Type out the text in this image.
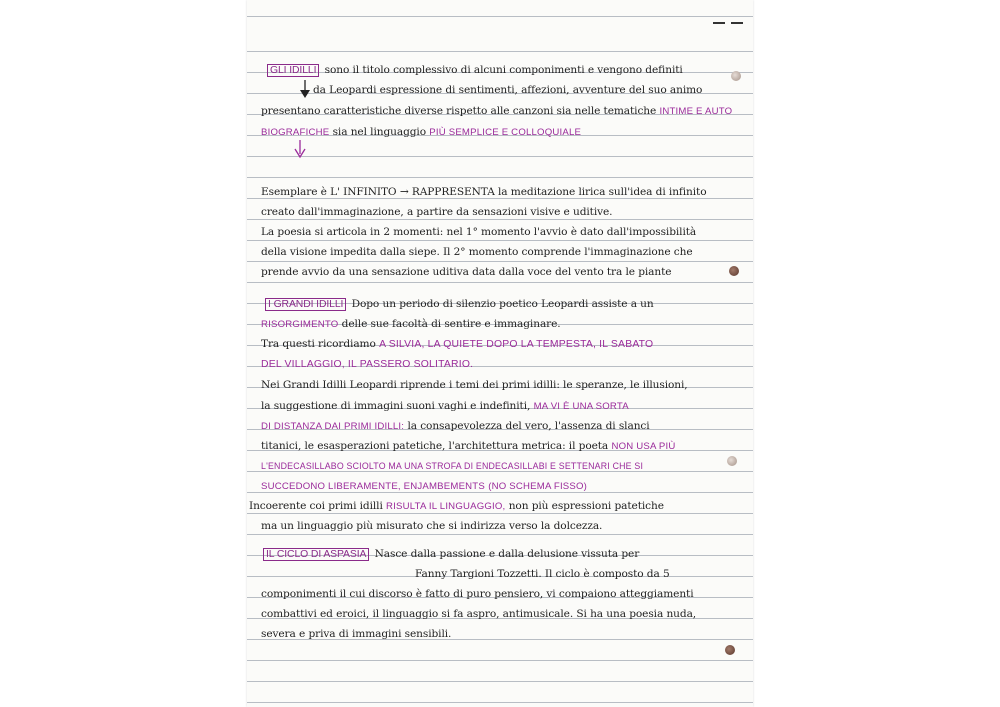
GLI IDILLI sono il titolo complessivo di alcuni componimenti e vengono definiti
da Leopardi espressione di sentimenti, affezioni, avventure del suo animo
presentano caratteristiche diverse rispetto alle canzoni sia nelle tematiche INTIME E AUTO
BIOGRAFICHE sia nel linguaggio PIÙ SEMPLICE E COLLOQUIALE
Esemplare è L' INFINITO → RAPPRESENTA la meditazione lirica sull'idea di infinito
creato dall'immaginazione, a partire da sensazioni visive e uditive.
La poesia si articola in 2 momenti: nel 1° momento l'avvio è dato dall'impossibilità
della visione impedita dalla siepe. Il 2° momento comprende l'immaginazione che
prende avvio da una sensazione uditiva data dalla voce del vento tra le piante
I GRANDI IDILLI Dopo un periodo di silenzio poetico Leopardi assiste a un
RISORGIMENTO delle sue facoltà di sentire e immaginare.
Tra questi ricordiamo A SILVIA, LA QUIETE DOPO LA TEMPESTA, IL SABATO
DEL VILLAGGIO, IL PASSERO SOLITARIO.
Nei Grandi Idilli Leopardi riprende i temi dei primi idilli: le speranze, le illusioni,
la suggestione di immagini suoni vaghi e indefiniti, MA VI È UNA SORTA
DI DISTANZA DAI PRIMI IDILLI: la consapevolezza del vero, l'assenza di slanci
titanici, le esasperazioni patetiche, l'architettura metrica: il poeta NON USA PIÙ
L'ENDECASILLABO SCIOLTO MA UNA STROFA DI ENDECASILLABI E SETTENARI CHE SI
SUCCEDONO LIBERAMENTE, ENJAMBEMENTS (NO SCHEMA FISSO)
Incoerente coi primi idilli RISULTA IL LINGUAGGIO, non più espressioni patetiche
ma un linguaggio più misurato che si indirizza verso la dolcezza.
IL CICLO DI ASPASIA Nasce dalla passione e dalla delusione vissuta per
Fanny Targioni Tozzetti. Il ciclo è composto da 5
componimenti il cui discorso è fatto di puro pensiero, vi compaiono atteggiamenti
combattivi ed eroici, il linguaggio si fa aspro, antimusicale. Si ha una poesia nuda,
severa e priva di immagini sensibili.
